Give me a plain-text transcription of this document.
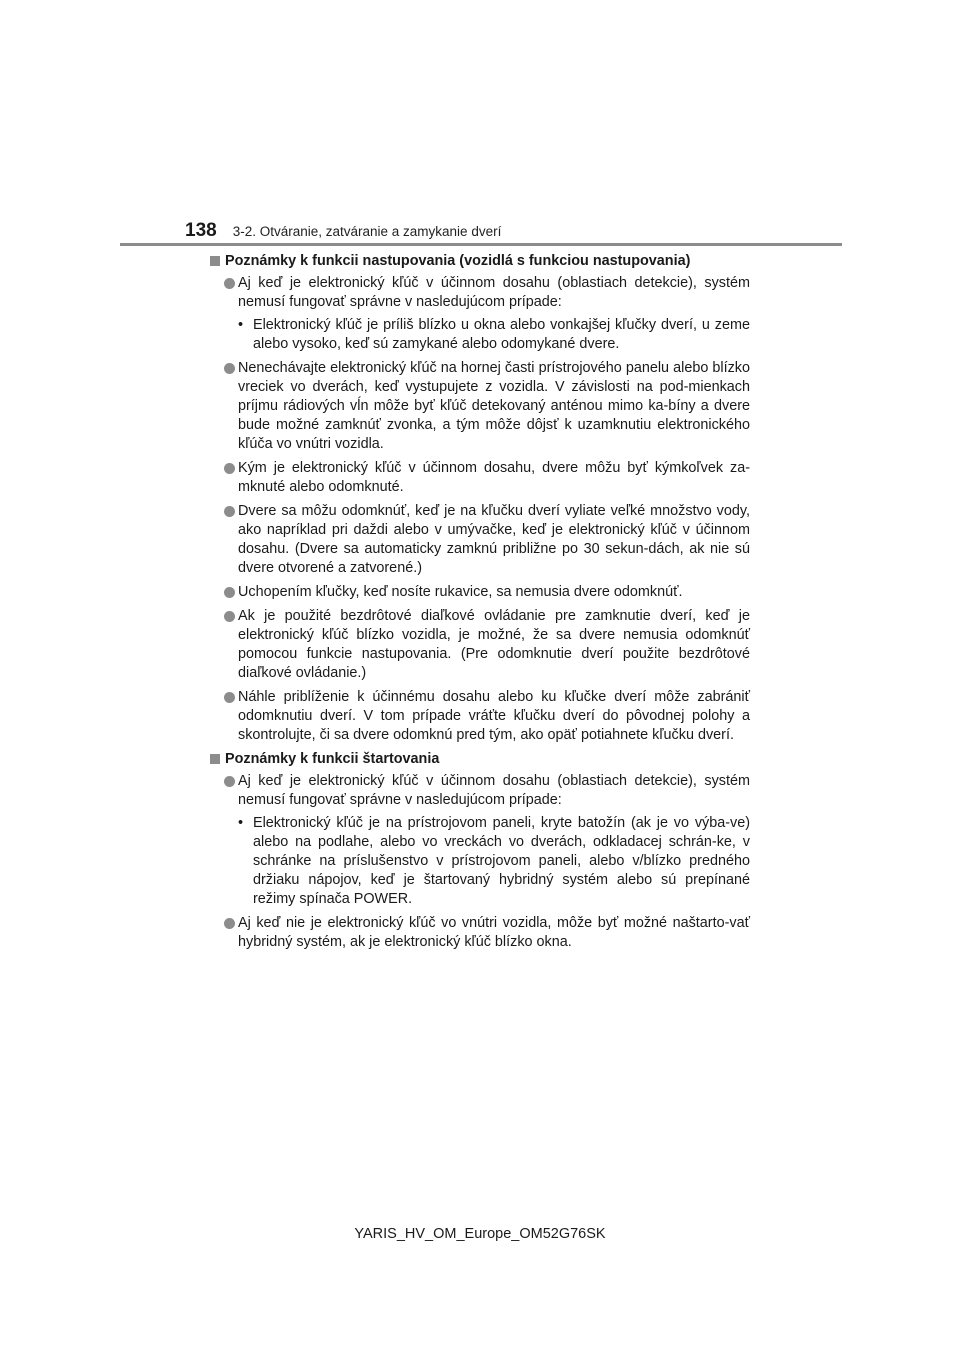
138 3-2. Otváranie, zatváranie a zamykanie dverí
Poznámky k funkcii nastupovania (vozidlá s funkciou nastupovania)
Aj keď je elektronický kľúč v účinnom dosahu (oblastiach detekcie), systém nemusí fungovať správne v nasledujúcom prípade:
• Elektronický kľúč je príliš blízko u okna alebo vonkajšej kľučky dverí, u zeme alebo vysoko, keď sú zamykané alebo odomykané dvere.
Nenechávajte elektronický kľúč na hornej časti prístrojového panelu alebo blízko vreciek vo dverách, keď vystupujete z vozidla. V závislosti na pod-mienkach príjmu rádiových vĺn môže byť kľúč detekovaný anténou mimo ka-bíny a dvere bude možné zamknúť zvonka, a tým môže dôjsť k uzamknutiu elektronického kľúča vo vnútri vozidla.
Kým je elektronický kľúč v účinnom dosahu, dvere môžu byť kýmkoľvek za-mknuté alebo odomknuté.
Dvere sa môžu odomknúť, keď je na kľučku dverí vyliate veľké množstvo vody, ako napríklad pri daždi alebo v umývačke, keď je elektronický kľúč v účinnom dosahu. (Dvere sa automaticky zamknú približne po 30 sekun-dách, ak nie sú dvere otvorené a zatvorené.)
Uchopením kľučky, keď nosíte rukavice, sa nemusia dvere odomknúť.
Ak je použité bezdrôtové diaľkové ovládanie pre zamknutie dverí, keď je elektronický kľúč blízko vozidla, je možné, že sa dvere nemusia odomknúť pomocou funkcie nastupovania. (Pre odomknutie dverí použite bezdrôtové diaľkové ovládanie.)
Náhle priblíženie k účinnému dosahu alebo ku kľučke dverí môže zabrániť odomknutiu dverí. V tom prípade vráťte kľučku dverí do pôvodnej polohy a skontrolujte, či sa dvere odomknú pred tým, ako opäť potiahnete kľučku dverí.
Poznámky k funkcii štartovania
Aj keď je elektronický kľúč v účinnom dosahu (oblastiach detekcie), systém nemusí fungovať správne v nasledujúcom prípade:
• Elektronický kľúč je na prístrojovom paneli, kryte batožín (ak je vo výba-ve) alebo na podlahe, alebo vo vreckách vo dverách, odkladacej schrán-ke, v schránke na príslušenstvo v prístrojovom paneli, alebo v/blízko predného držiaku nápojov, keď je štartovaný hybridný systém alebo sú prepínané režimy spínača POWER.
Aj keď nie je elektronický kľúč vo vnútri vozidla, môže byť možné naštarto-vať hybridný systém, ak je elektronický kľúč blízko okna.
YARIS_HV_OM_Europe_OM52G76SK
